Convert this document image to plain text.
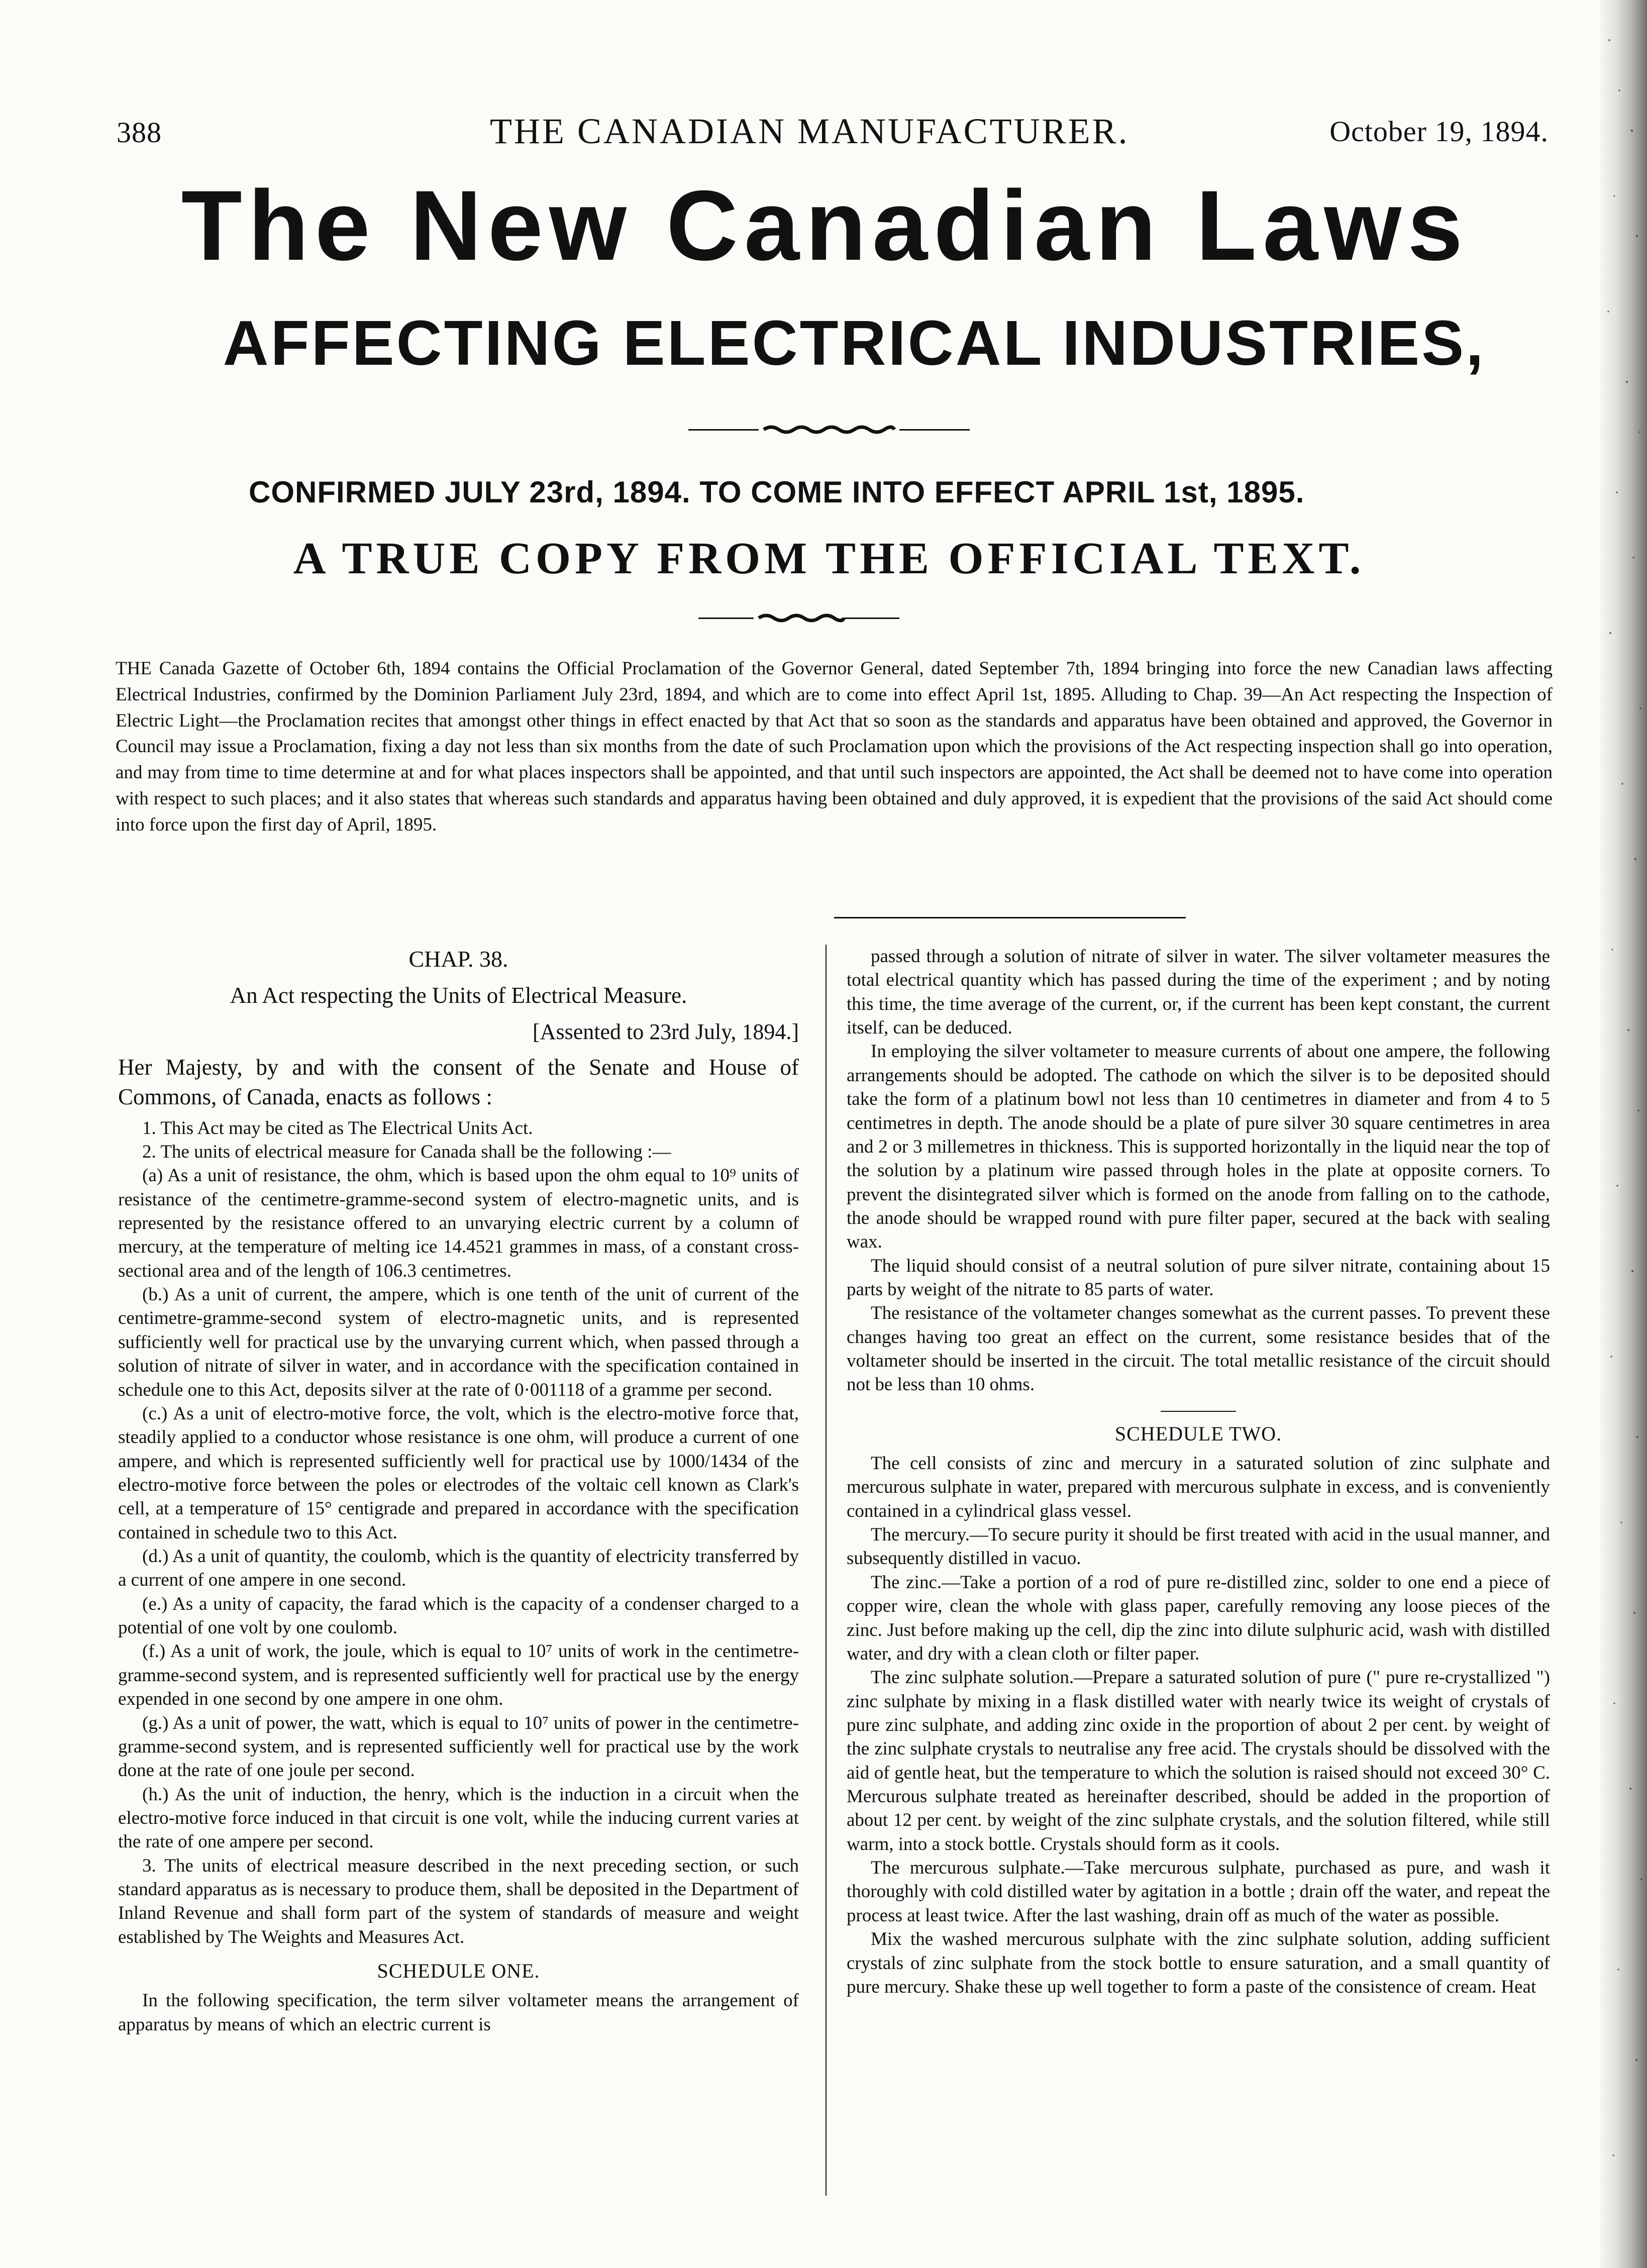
388	THE CANADIAN MANUFACTURER.	October 19, 1894.
The New Canadian Laws
AFFECTING ELECTRICAL INDUSTRIES,
CONFIRMED JULY 23rd, 1894. TO COME INTO EFFECT APRIL 1st, 1895.
A TRUE COPY FROM THE OFFICIAL TEXT.
THE Canada Gazette of October 6th, 1894 contains the Official Proclamation of the Governor General, dated September 7th, 1894 bringing into force the new Canadian laws affecting Electrical Industries, confirmed by the Dominion Parliament July 23rd, 1894, and which are to come into effect April 1st, 1895. Alluding to Chap. 39—An Act respecting the Inspection of Electric Light—the Proclamation recites that amongst other things in effect enacted by that Act that so soon as the standards and apparatus have been obtained and approved, the Governor in Council may issue a Proclamation, fixing a day not less than six months from the date of such Proclamation upon which the provisions of the Act respecting inspection shall go into operation, and may from time to time determine at and for what places inspectors shall be appointed, and that until such inspectors are appointed, the Act shall be deemed not to have come into operation with respect to such places; and it also states that whereas such standards and apparatus having been obtained and duly approved, it is expedient that the provisions of the said Act should come into force upon the first day of April, 1895.
CHAP. 38.
An Act respecting the Units of Electrical Measure.
[Assented to 23rd July, 1894.]
Her Majesty, by and with the consent of the Senate and House of Commons, of Canada, enacts as follows :

1. This Act may be cited as The Electrical Units Act.

2. The units of electrical measure for Canada shall be the following :—

(a) As a unit of resistance, the ohm, which is based upon the ohm equal to 10⁹ units of resistance of the centimetre-gramme-second system of electro-magnetic units, and is represented by the resistance offered to an unvarying electric current by a column of mercury, at the temperature of melting ice 14.4521 grammes in mass, of a constant cross-sectional area and of the length of 106.3 centimetres.

(b.) As a unit of current, the ampere, which is one tenth of the unit of current of the centimetre-gramme-second system of electro-magnetic units, and is represented sufficiently well for practical use by the unvarying current which, when passed through a solution of nitrate of silver in water, and in accordance with the specification contained in schedule one to this Act, deposits silver at the rate of 0·001118 of a gramme per second.

(c.) As a unit of electro-motive force, the volt, which is the electro-motive force that, steadily applied to a conductor whose resistance is one ohm, will produce a current of one ampere, and which is represented sufficiently well for practical use by 1000/1434 of the electro-motive force between the poles or electrodes of the voltaic cell known as Clark's cell, at a temperature of 15° centigrade and prepared in accordance with the specification contained in schedule two to this Act.

(d.) As a unit of quantity, the coulomb, which is the quantity of electricity transferred by a current of one ampere in one second.

(e.) As a unity of capacity, the farad which is the capacity of a condenser charged to a potential of one volt by one coulomb.

(f.) As a unit of work, the joule, which is equal to 10⁷ units of work in the centimetre-gramme-second system, and is represented sufficiently well for practical use by the energy expended in one second by one ampere in one ohm.

(g.) As a unit of power, the watt, which is equal to 10⁷ units of power in the centimetre-gramme-second system, and is represented sufficiently well for practical use by the work done at the rate of one joule per second.

(h.) As the unit of induction, the henry, which is the induction in a circuit when the electro-motive force induced in that circuit is one volt, while the inducing current varies at the rate of one ampere per second.

3. The units of electrical measure described in the next preceding section, or such standard apparatus as is necessary to produce them, shall be deposited in the Department of Inland Revenue and shall form part of the system of standards of measure and weight established by The Weights and Measures Act.

SCHEDULE ONE.

In the following specification, the term silver voltameter means the arrangement of apparatus by means of which an electric current is

passed through a solution of nitrate of silver in water. The silver voltameter measures the total electrical quantity which has passed during the time of the experiment ; and by noting this time, the time average of the current, or, if the current has been kept constant, the current itself, can be deduced.

In employing the silver voltameter to measure currents of about one ampere, the following arrangements should be adopted. The cathode on which the silver is to be deposited should take the form of a platinum bowl not less than 10 centimetres in diameter and from 4 to 5 centimetres in depth. The anode should be a plate of pure silver 30 square centimetres in area and 2 or 3 millemetres in thickness. This is supported horizontally in the liquid near the top of the solution by a platinum wire passed through holes in the plate at opposite corners. To prevent the disintegrated silver which is formed on the anode from falling on to the cathode, the anode should be wrapped round with pure filter paper, secured at the back with sealing wax.

The liquid should consist of a neutral solution of pure silver nitrate, containing about 15 parts by weight of the nitrate to 85 parts of water.

The resistance of the voltameter changes somewhat as the current passes. To prevent these changes having too great an effect on the current, some resistance besides that of the voltameter should be inserted in the circuit. The total metallic resistance of the circuit should not be less than 10 ohms.

SCHEDULE TWO.

The cell consists of zinc and mercury in a saturated solution of zinc sulphate and mercurous sulphate in water, prepared with mercurous sulphate in excess, and is conveniently contained in a cylindrical glass vessel.

The mercury.—To secure purity it should be first treated with acid in the usual manner, and subsequently distilled in vacuo.

The zinc.—Take a portion of a rod of pure re-distilled zinc, solder to one end a piece of copper wire, clean the whole with glass paper, carefully removing any loose pieces of the zinc. Just before making up the cell, dip the zinc into dilute sulphuric acid, wash with distilled water, and dry with a clean cloth or filter paper.

The zinc sulphate solution.—Prepare a saturated solution of pure (" pure re-crystallized ") zinc sulphate by mixing in a flask distilled water with nearly twice its weight of crystals of pure zinc sulphate, and adding zinc oxide in the proportion of about 2 per cent. by weight of the zinc sulphate crystals to neutralise any free acid. The crystals should be dissolved with the aid of gentle heat, but the temperature to which the solution is raised should not exceed 30° C. Mercurous sulphate treated as hereinafter described, should be added in the proportion of about 12 per cent. by weight of the zinc sulphate crystals, and the solution filtered, while still warm, into a stock bottle. Crystals should form as it cools.

The mercurous sulphate.—Take mercurous sulphate, purchased as pure, and wash it thoroughly with cold distilled water by agitation in a bottle ; drain off the water, and repeat the process at least twice. After the last washing, drain off as much of the water as possible.

Mix the washed mercurous sulphate with the zinc sulphate solution, adding sufficient crystals of zinc sulphate from the stock bottle to ensure saturation, and a small quantity of pure mercury. Shake these up well together to form a paste of the consistence of cream. Heat
